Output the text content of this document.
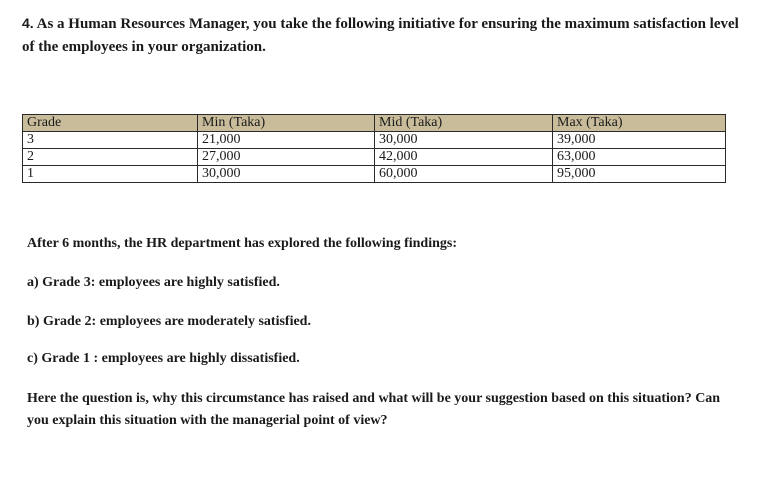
4. As a Human Resources Manager, you take the following initiative for ensuring the maximum satisfaction level of the employees in your organization.
Grade	Min (Taka)	Mid (Taka)	Max (Taka)
3	21,000	30,000	39,000
2	27,000	42,000	63,000
1	30,000	60,000	95,000
After 6 months, the HR department has explored the following findings:
a) Grade 3: employees are highly satisfied.
b) Grade 2: employees are moderately satisfied.
c) Grade 1 : employees are highly dissatisfied.
Here the question is, why this circumstance has raised and what will be your suggestion based on this situation? Can you explain this situation with the managerial point of view?
